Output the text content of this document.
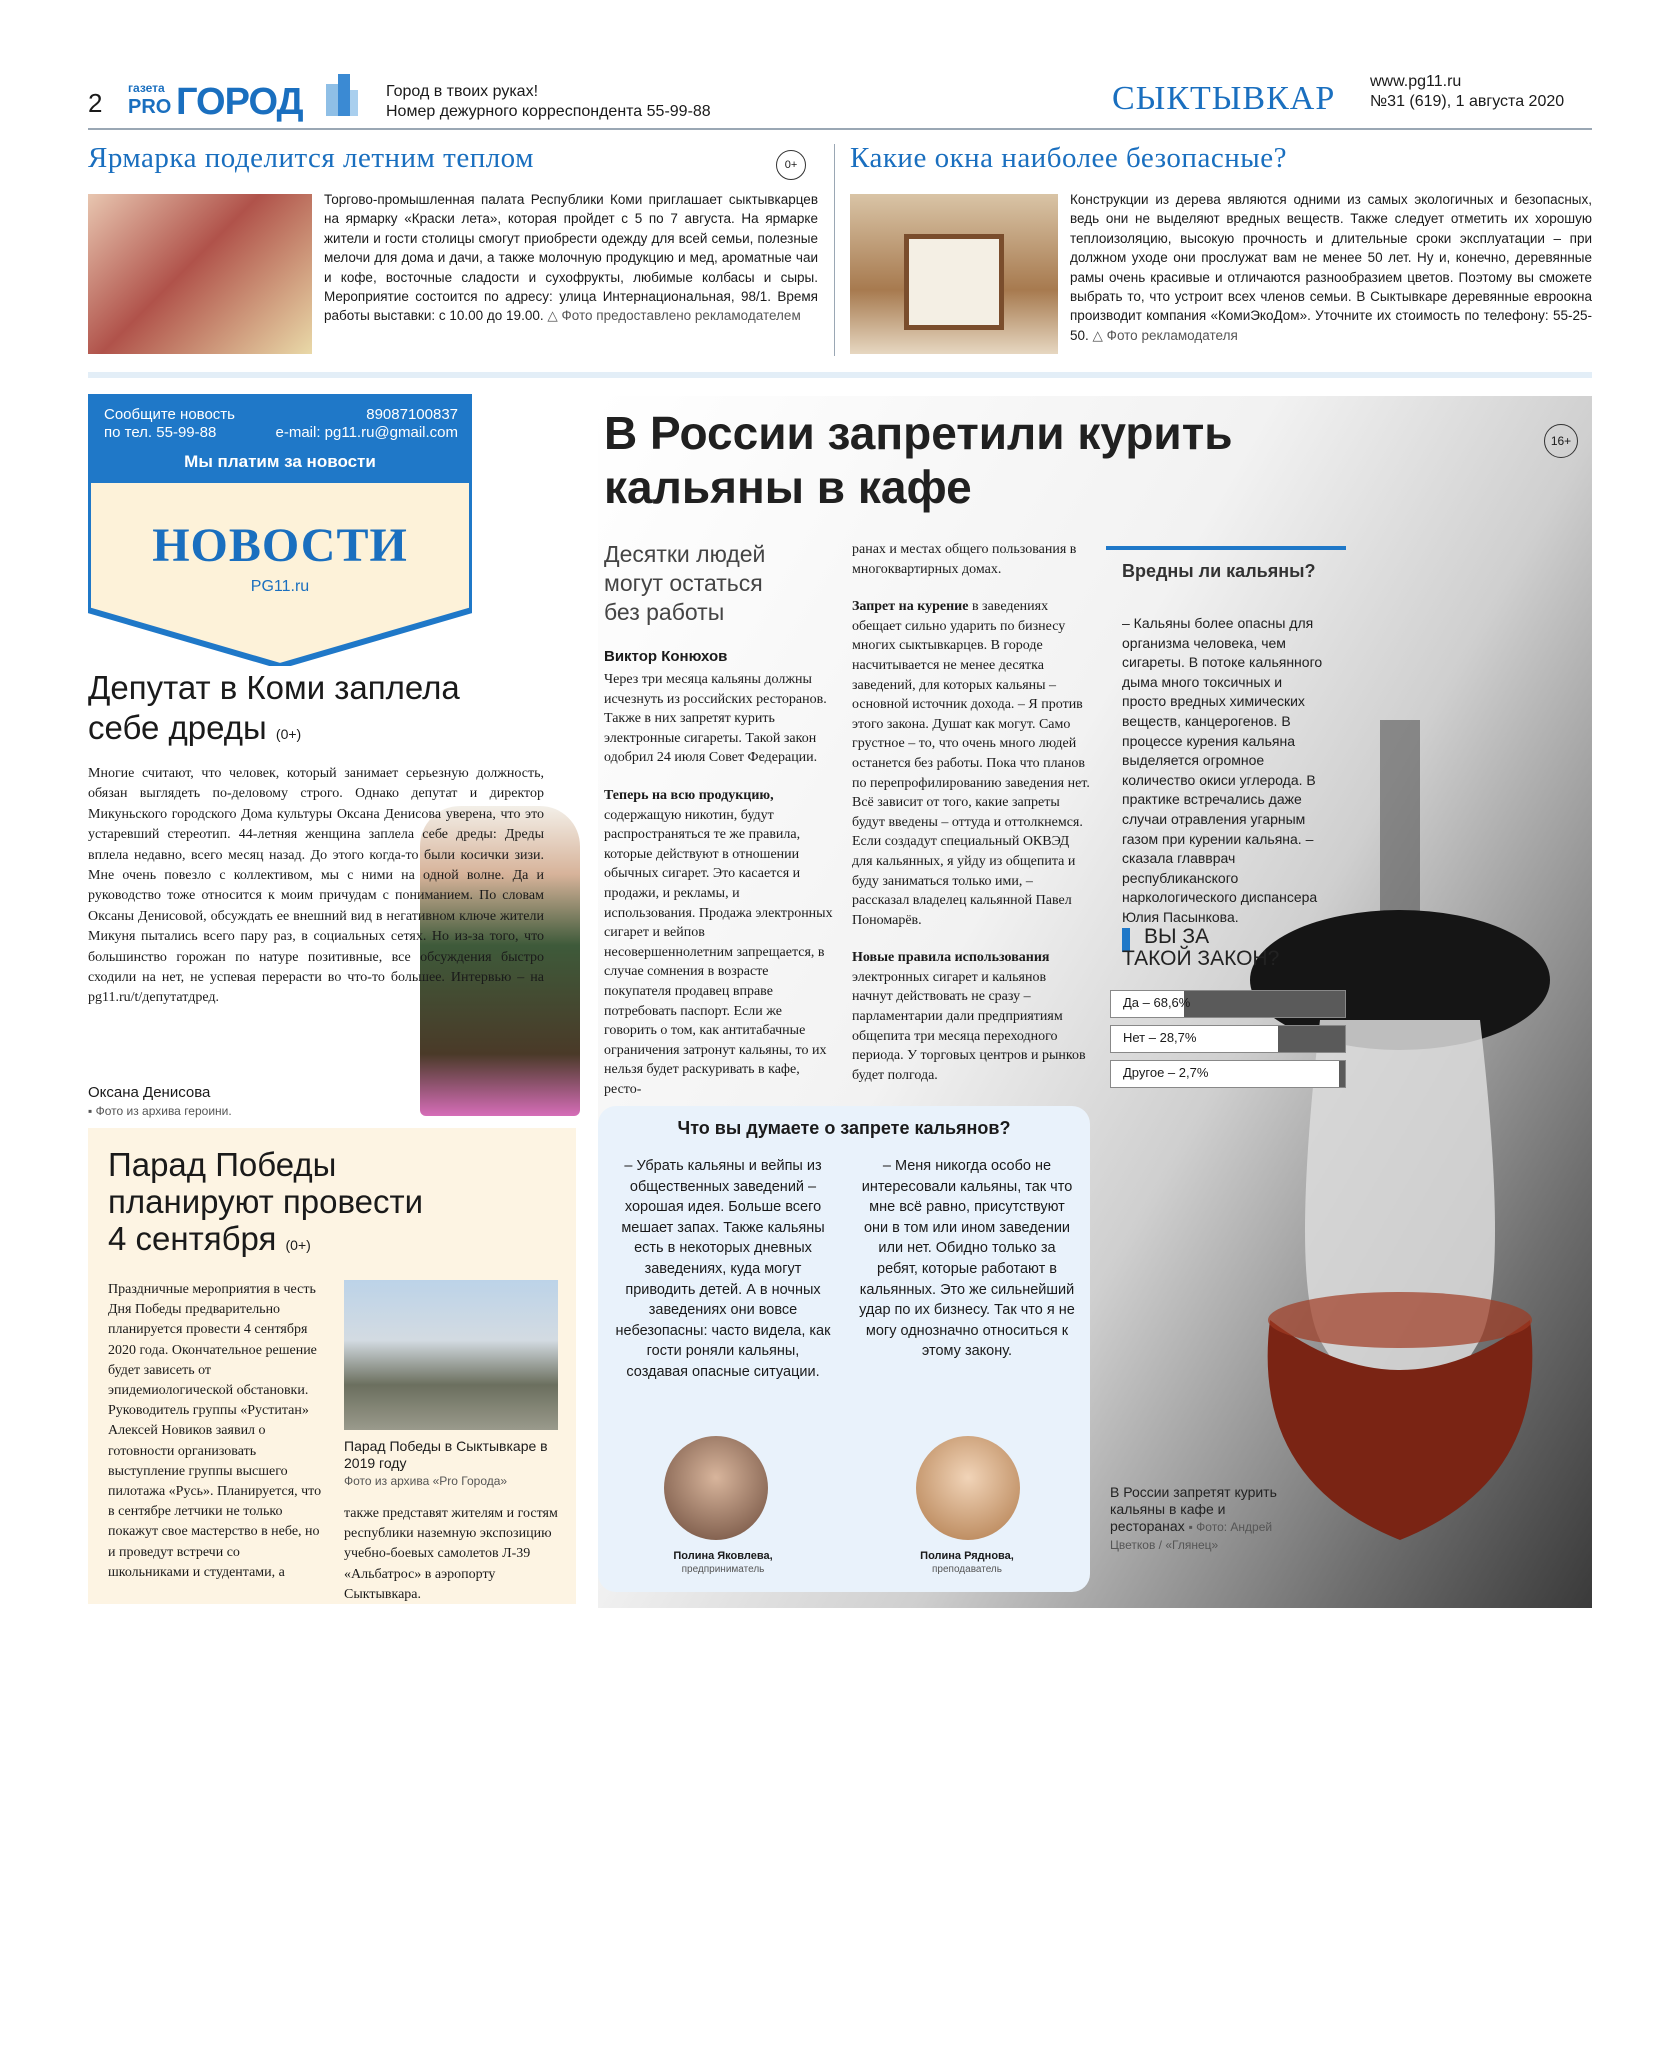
2 газета
PRO ГОРОД	Город в твоих руках!
Номер дежурного корреспондента 55-99-88	СЫКТЫВКАР www.pg11.ru
№31 (619), 1 августа 2020
Ярмарка поделится летним теплом	0+
Торгово-промышленная палата Республики Коми приглашает сыктывкарцев на ярмарку «Краски лета», которая пройдет с 5 по 7 августа. На ярмарке жители и гости столицы смогут приобрести одежду для всей семьи, полезные мелочи для дома и дачи, а также молочную продукцию и мед, ароматные чаи и кофе, восточные сладости и сухофрукты, любимые колбасы и сыры. Мероприятие состоится по адресу: улица Интернациональная, 98/1. Время работы выставки: с 10.00 до 19.00. △ Фото предоставлено рекламодателем
Какие окна наиболее безопасные?
Конструкции из дерева являются одними из самых экологичных и безопасных, ведь они не выделяют вредных веществ. Также следует отметить их хорошую теплоизоляцию, высокую прочность и длительные сроки эксплуатации – при должном уходе они прослужат вам не менее 50 лет. Ну и, конечно, деревянные рамы очень красивые и отличаются разнообразием цветов. Поэтому вы сможете выбрать то, что устроит всех членов семьи. В Сыктывкаре деревянные евроокна производит компания «КомиЭкоДом». Уточните их стоимость по телефону: 55-25-50. △ Фото рекламодателя
Сообщите новость
по тел. 55-99-88
89087100837
e-mail: pg11.ru@gmail.com
Мы платим за новости
НОВОСТИ
PG11.ru
Депутат в Коми заплела
себе дреды (0+)
Многие считают, что человек, который занимает серьезную должность, обязан выглядеть по-деловому строго. Однако депутат и директор Микуньского городского Дома культуры Оксана Денисова уверена, что это устаревший стереотип. 44-летняя женщина заплела себе дреды: Дреды вплела недавно, всего месяц назад. До этого когда-то были косички зизи. Мне очень повезло с коллективом, мы с ними на одной волне. Да и руководство тоже относится к моим причудам с пониманием. По словам Оксаны Денисовой, обсуждать ее внешний вид в негативном ключе жители Микуня пытались всего пару раз, в социальных сетях. Но из-за того, что большинство горожан по натуре позитивные, все обсуждения быстро сходили на нет, не успевая перерасти во что-то большее. Интервью – на pg11.ru/t/депутатдред.
Оксана Денисова
▪ Фото из архива героини.
Парад Победы
планируют провести
4 сентября (0+)
Праздничные мероприятия в честь Дня Победы предварительно планируется провести 4 сентября 2020 года. Окончательное решение будет зависеть от эпидемиологической обстановки. Руководитель группы «Руститан» Алексей Новиков заявил о готовности организовать выступление группы высшего пилотажа «Русь». Планируется, что в сентябре летчики не только покажут свое мастерство в небе, но и проведут встречи со школьниками и студентами, а
Парад Победы в Сыктывкаре в 2019 году
Фото из архива «Pro Города»
также представят жителям и гостям республики наземную экспозицию учебно-боевых самолетов Л-39 «Альбатрос» в аэропорту Сыктывкара.
В России запретили курить
кальяны в кафе
16+
Десятки людей могут остаться без работы
Виктор Конюхов
Через три месяца кальяны должны исчезнуть из российских ресторанов. Также в них запретят курить электронные сигареты. Такой закон одобрил 24 июля Совет Федерации.
Теперь на всю продукцию, содержащую никотин, будут распространяться те же правила, которые действуют в отношении обычных сигарет. Это касается и продажи, и рекламы, и использования. Продажа электронных сигарет и вейпов несовершеннолетним запрещается, в случае сомнения в возрасте покупателя продавец вправе потребовать паспорт. Если же говорить о том, как антитабачные ограничения затронут кальяны, то их нельзя будет раскуривать в кафе, ресто-
ранах и местах общего пользования в многоквартирных домах.
Запрет на курение в заведениях обещает сильно ударить по бизнесу многих сыктывкарцев. В городе насчитывается не менее десятка заведений, для которых кальяны – основной источник дохода. – Я против этого закона. Душат как могут. Само грустное – то, что очень много людей останется без работы. Пока что планов по перепрофилированию заведения нет. Всё зависит от того, какие запреты будут введены – оттуда и оттолкнемся. Если создадут специальный ОКВЭД для кальянных, я уйду из общепита и буду заниматься только ими, – рассказал владелец кальянной Павел Пономарёв.
Новые правила использования электронных сигарет и кальянов начнут действовать не сразу – парламентарии дали предприятиям общепита три месяца переходного периода. У торговых центров и рынков будет полгода.
Вредны ли кальяны?
– Кальяны более опасны для организма человека, чем сигареты. В потоке кальянного дыма много токсичных и просто вредных химических веществ, канцерогенов. В процессе курения кальяна выделяется огромное количество окиси углерода. В практике встречались даже случаи отравления угарным газом при курении кальяна. – сказала главврач республиканского наркологического диспансера Юлия Пасынкова.
ВЫ ЗА
ТАКОЙ ЗАКОН?
Да – 68,6%
Нет – 28,7%
Другое – 2,7%
Что вы думаете о запрете кальянов?
– Убрать кальяны и вейпы из общественных заведений – хорошая идея. Больше всего мешает запах. Также кальяны есть в некоторых дневных заведениях, куда могут приводить детей. А в ночных заведениях они вовсе небезопасны: часто видела, как гости роняли кальяны, создавая опасные ситуации.
– Меня никогда особо не интересовали кальяны, так что мне всё равно, присутствуют они в том или ином заведении или нет. Обидно только за ребят, которые работают в кальянных. Это же сильнейший удар по их бизнесу. Так что я не могу однозначно относиться к этому закону.
Полина Яковлева,
предприниматель
Полина Ряднова,
преподаватель
В России запретят курить кальяны в кафе и ресторанах ▪ Фото: Андрей Цветков / «Глянец»
